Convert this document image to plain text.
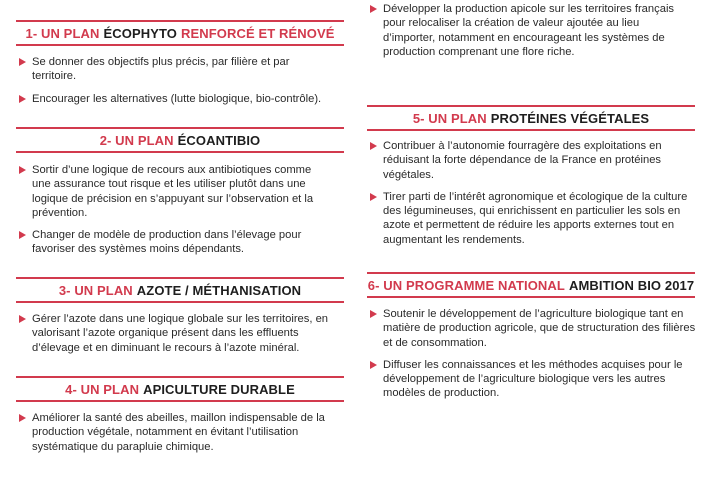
1- UN PLAN ÉCOPHYTO RENFORCÉ ET RÉNOVÉ
Se donner des objectifs plus précis, par filière et par territoire.
Encourager les alternatives (lutte biologique, bio-contrôle).
2- UN PLAN ÉCOANTIBIO
Sortir d’une logique de recours aux antibiotiques comme une assurance tout risque et les utiliser plutôt dans une logique de précision en s’appuyant sur l’observation et la prévention.
Changer de modèle de production dans l’élevage pour favoriser des systèmes moins dépendants.
3- UN PLAN AZOTE / MÉTHANISATION
Gérer l’azote dans une logique globale sur les territoires, en valorisant l’azote organique présent dans les effluents d’élevage et en diminuant le recours à l’azote minéral.
4- UN PLAN APICULTURE DURABLE
Améliorer la santé des abeilles, maillon indispensable de la production végétale, notamment en évitant l’utilisation systématique du parapluie chimique.
Développer la production apicole sur les territoires français pour relocaliser la création de valeur ajoutée au lieu d’importer, notamment en encourageant les systèmes de production comprenant une flore riche.
5- UN PLAN PROTÉINES VÉGÉTALES
Contribuer à l’autonomie fourragère des exploitations en réduisant la forte dépendance de la France en protéines végétales.
Tirer parti de l’intérêt agronomique et écologique de la culture des légumineuses, qui enrichissent en particulier les sols en azote et permettent de réduire les apports externes tout en augmentant les rendements.
6- UN PROGRAMME NATIONAL AMBITION BIO 2017
Soutenir le développement de l’agriculture biologique tant en matière de production agricole, que de structuration des filières et de consommation.
Diffuser les connaissances et les méthodes acquises pour le développement de l’agriculture biologique vers les autres modèles de production.
